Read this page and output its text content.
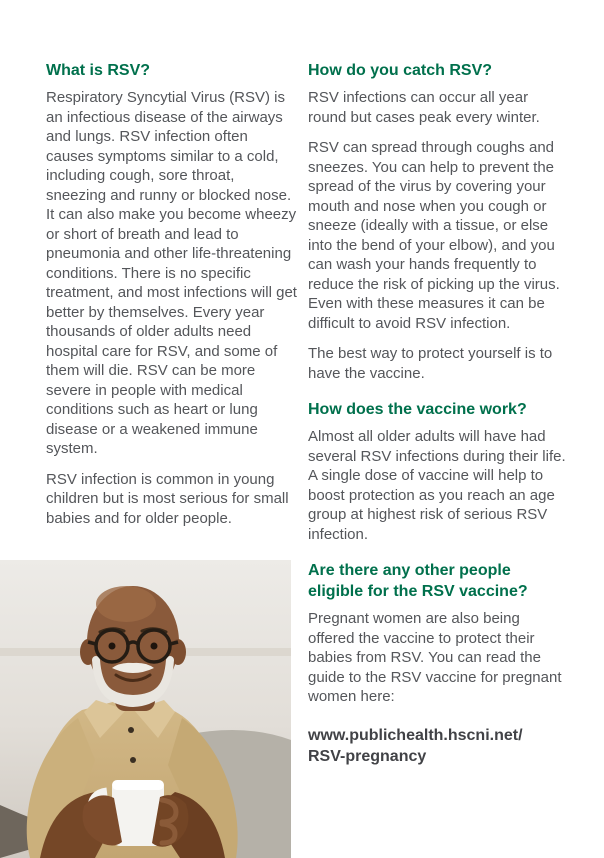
What is RSV?

Respiratory Syncytial Virus (RSV) is an infectious disease of the airways and lungs. RSV infection often causes symptoms similar to a cold, including cough, sore throat, sneezing and runny or blocked nose. It can also make you become wheezy or short of breath and lead to pneumonia and other life-threatening conditions. There is no specific treatment, and most infections will get better by themselves. Every year thousands of older adults need hospital care for RSV, and some of them will die. RSV can be more severe in people with medical conditions such as heart or lung disease or a weakened immune system.

RSV infection is common in young children but is most serious for small babies and for older people.

How do you catch RSV?

RSV infections can occur all year round but cases peak every winter.

RSV can spread through coughs and sneezes. You can help to prevent the spread of the virus by covering your mouth and nose when you cough or sneeze (ideally with a tissue, or else into the bend of your elbow), and you can wash your hands frequently to reduce the risk of picking up the virus. Even with these measures it can be difficult to avoid RSV infection.

The best way to protect yourself is to have the vaccine.

How does the vaccine work?

Almost all older adults will have had several RSV infections during their life. A single dose of vaccine will help to boost protection as you reach an age group at highest risk of serious RSV infection.

Are there any other people eligible for the RSV vaccine?

Pregnant women are also being offered the vaccine to protect their babies from RSV. You can read the guide to the RSV vaccine for pregnant women here:

www.publichealth.hscni.net/
RSV-pregnancy
